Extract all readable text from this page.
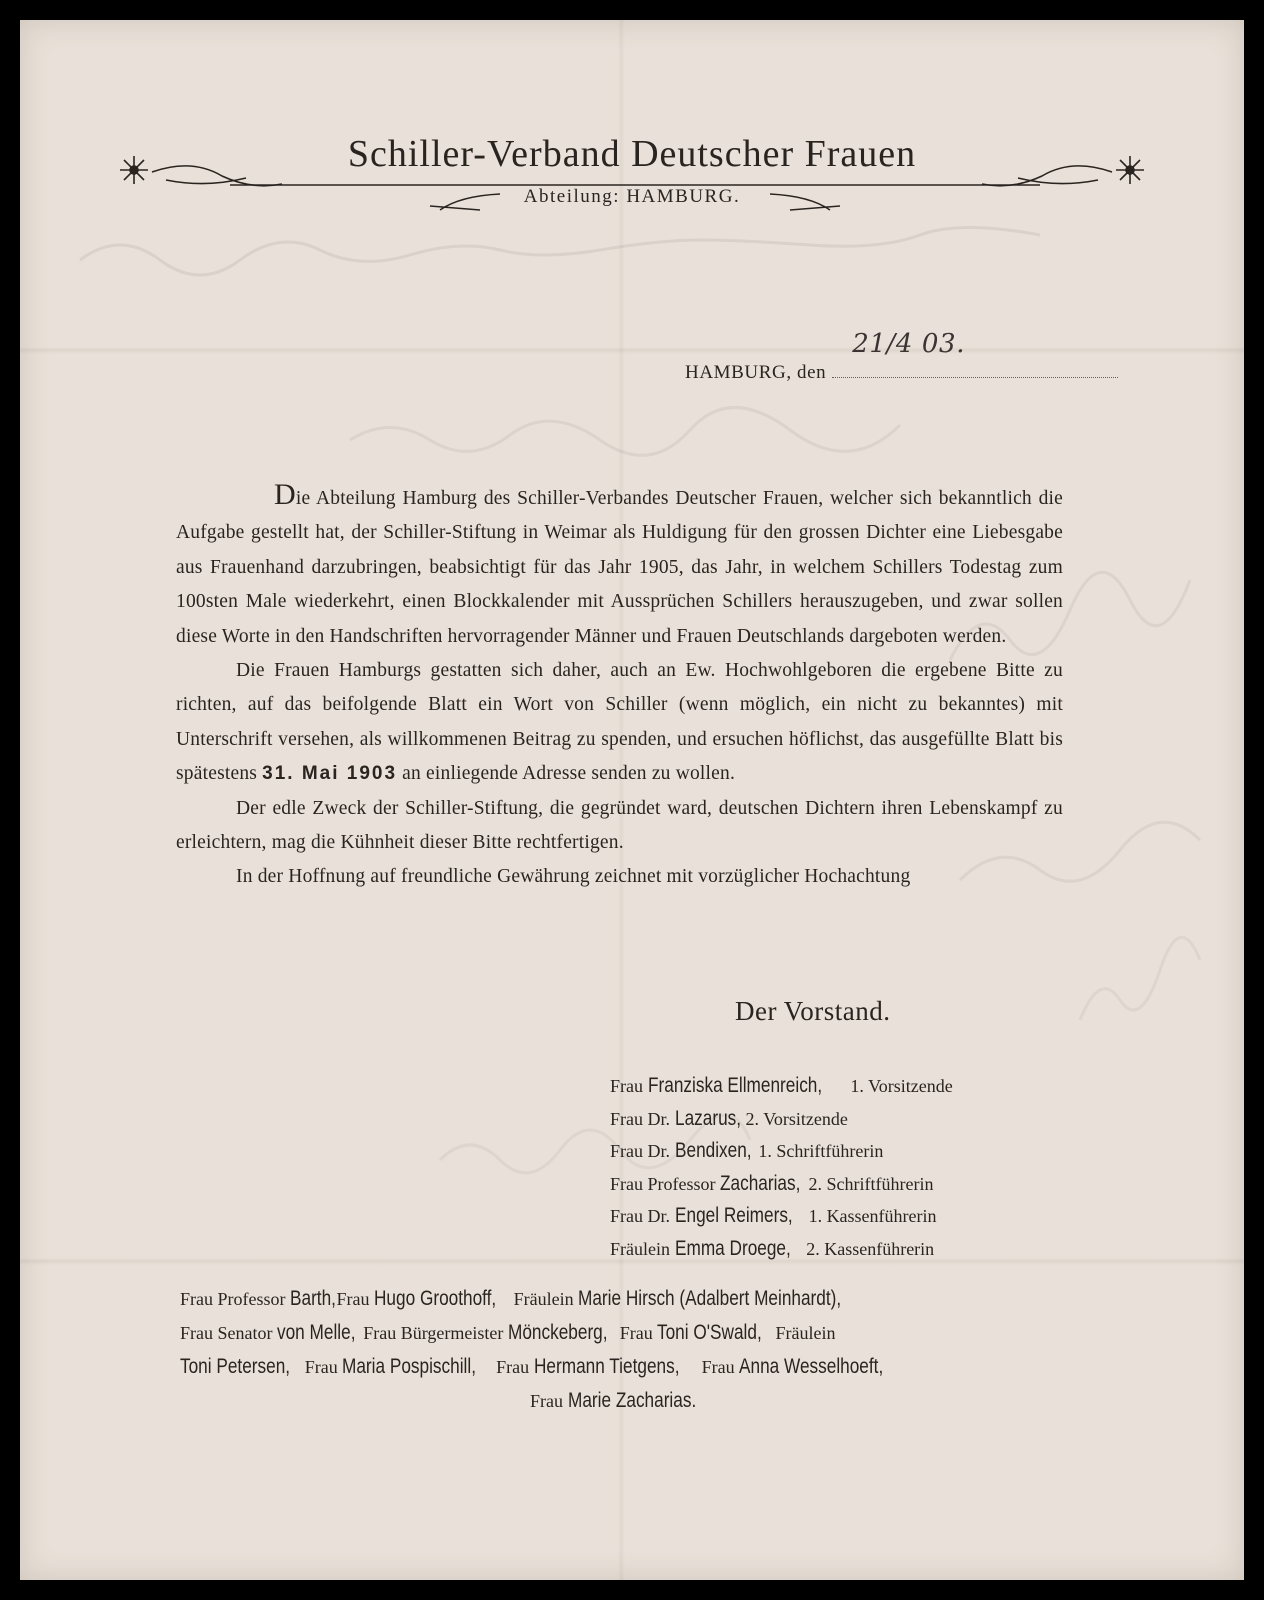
Schiller-Verband Deutscher Frauen
Abteilung: HAMBURG.
HAMBURG, den
21/4 03.

Die Abteilung Hamburg des Schiller-Verbandes Deutscher Frauen, welcher sich bekanntlich die Aufgabe gestellt hat, der Schiller-Stiftung in Weimar als Huldigung für den grossen Dichter eine Liebesgabe aus Frauenhand darzubringen, beabsichtigt für das Jahr 1905, das Jahr, in welchem Schillers Todestag zum 100sten Male wiederkehrt, einen Blockkalender mit Aussprüchen Schillers herauszugeben, und zwar sollen diese Worte in den Handschriften hervorragender Männer und Frauen Deutschlands dargeboten werden.

Die Frauen Hamburgs gestatten sich daher, auch an Ew. Hochwohlgeboren die ergebene Bitte zu richten, auf das beifolgende Blatt ein Wort von Schiller (wenn möglich, ein nicht zu bekanntes) mit Unterschrift versehen, als willkommenen Beitrag zu spenden, und ersuchen höflichst, das ausgefüllte Blatt bis spätestens 31. Mai 1903 an einliegende Adresse senden zu wollen.

Der edle Zweck der Schiller-Stiftung, die gegründet ward, deutschen Dichtern ihren Lebenskampf zu erleichtern, mag die Kühnheit dieser Bitte rechtfertigen.

In der Hoffnung auf freundliche Gewährung zeichnet mit vorzüglicher Hochachtung

Der Vorstand.
Frau Franziska Ellmenreich, 1. Vorsitzende
Frau Dr. Lazarus, 2. Vorsitzende
Frau Dr. Bendixen, 1. Schriftführerin
Frau Professor Zacharias, 2. Schriftführerin
Frau Dr. Engel Reimers, 1. Kassenführerin
Fräulein Emma Droege, 2. Kassenführerin
Frau Professor Barth, Frau Hugo Groothoff, Fräulein Marie Hirsch (Adalbert Meinhardt),
Frau Senator von Melle, Frau Bürgermeister Mönckeberg, Frau Toni O'Swald, Fräulein
Toni Petersen, Frau Maria Pospischill, Frau Hermann Tietgens, Frau Anna Wesselhoeft,
Frau Marie Zacharias.
